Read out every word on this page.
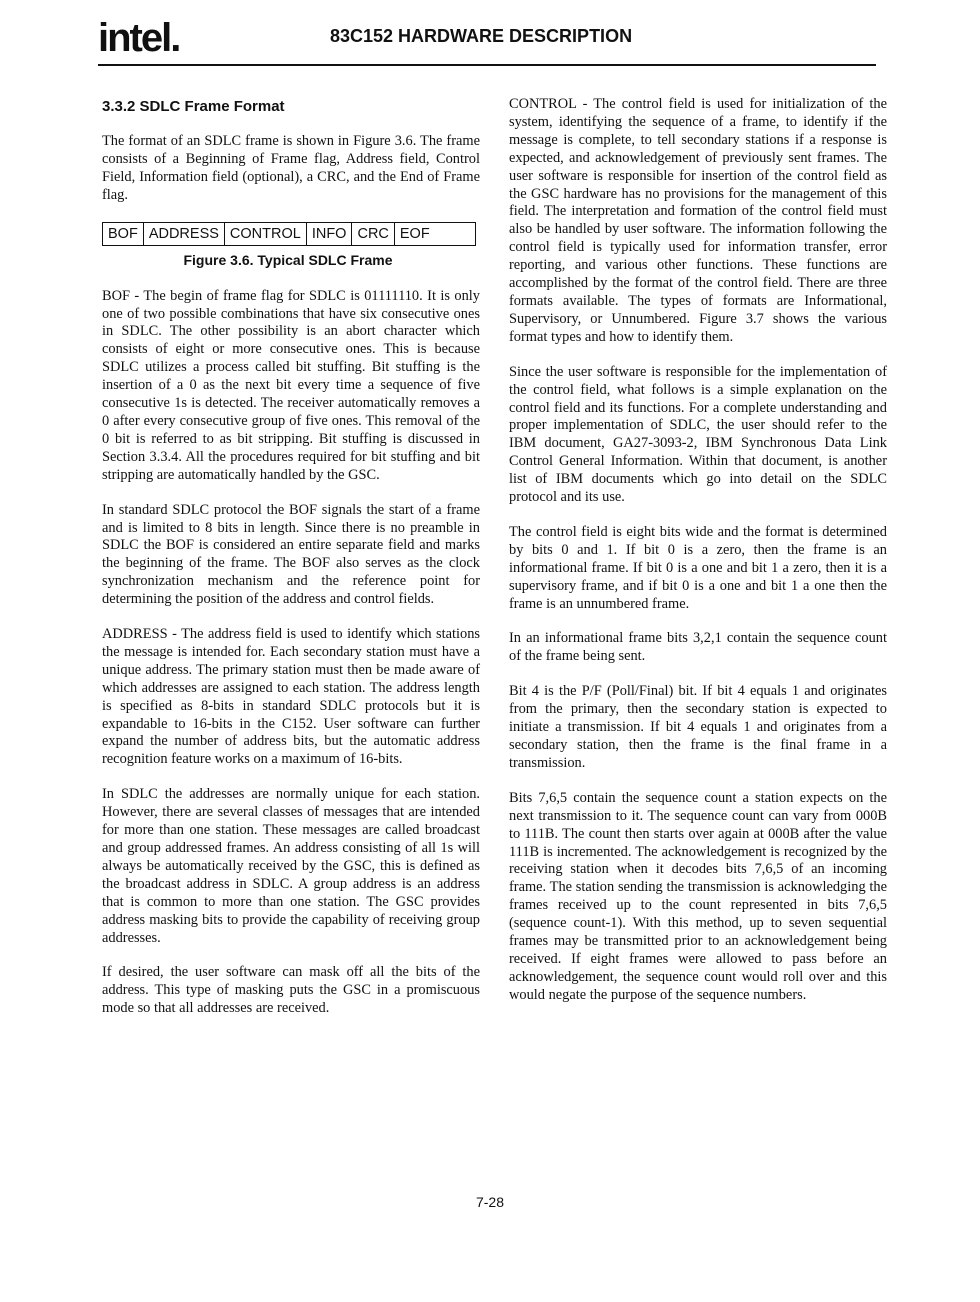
intel.	83C152 HARDWARE DESCRIPTION
3.3.2 SDLC Frame Format

The format of an SDLC frame is shown in Figure 3.6. The frame consists of a Beginning of Frame flag, Address field, Control Field, Information field (optional), a CRC, and the End of Frame flag.

BOF ADDRESS CONTROL INFO CRC EOF
Figure 3.6. Typical SDLC Frame

BOF - The begin of frame flag for SDLC is 01111110. It is only one of two possible combinations that have six consecutive ones in SDLC. The other possibility is an abort character which consists of eight or more consecutive ones. This is because SDLC utilizes a process called bit stuffing. Bit stuffing is the insertion of a 0 as the next bit every time a sequence of five consecutive 1s is detected. The receiver automatically removes a 0 after every consecutive group of five ones. This removal of the 0 bit is referred to as bit stripping. Bit stuffing is discussed in Section 3.3.4. All the procedures required for bit stuffing and bit stripping are automatically handled by the GSC.

In standard SDLC protocol the BOF signals the start of a frame and is limited to 8 bits in length. Since there is no preamble in SDLC the BOF is considered an entire separate field and marks the beginning of the frame. The BOF also serves as the clock synchronization mechanism and the reference point for determining the position of the address and control fields.

ADDRESS - The address field is used to identify which stations the message is intended for. Each secondary station must have a unique address. The primary station must then be made aware of which addresses are assigned to each station. The address length is specified as 8-bits in standard SDLC protocols but it is expandable to 16-bits in the C152. User software can further expand the number of address bits, but the automatic address recognition feature works on a maximum of 16-bits.

In SDLC the addresses are normally unique for each station. However, there are several classes of messages that are intended for more than one station. These messages are called broadcast and group addressed frames. An address consisting of all 1s will always be automatically received by the GSC, this is defined as the broadcast address in SDLC. A group address is an address that is common to more than one station. The GSC provides address masking bits to provide the capability of receiving group addresses.

If desired, the user software can mask off all the bits of the address. This type of masking puts the GSC in a promiscuous mode so that all addresses are received.

CONTROL - The control field is used for initialization of the system, identifying the sequence of a frame, to identify if the message is complete, to tell secondary stations if a response is expected, and acknowledgement of previously sent frames. The user software is responsible for insertion of the control field as the GSC hardware has no provisions for the management of this field. The interpretation and formation of the control field must also be handled by user software. The information following the control field is typically used for information transfer, error reporting, and various other functions. These functions are accomplished by the format of the control field. There are three formats available. The types of formats are Informational, Supervisory, or Unnumbered. Figure 3.7 shows the various format types and how to identify them.

Since the user software is responsible for the implementation of the control field, what follows is a simple explanation on the control field and its functions. For a complete understanding and proper implementation of SDLC, the user should refer to the IBM document, GA27-3093-2, IBM Synchronous Data Link Control General Information. Within that document, is another list of IBM documents which go into detail on the SDLC protocol and its use.

The control field is eight bits wide and the format is determined by bits 0 and 1. If bit 0 is a zero, then the frame is an informational frame. If bit 0 is a one and bit 1 a zero, then it is a supervisory frame, and if bit 0 is a one and bit 1 a one then the frame is an unnumbered frame.

In an informational frame bits 3,2,1 contain the sequence count of the frame being sent.

Bit 4 is the P/F (Poll/Final) bit. If bit 4 equals 1 and originates from the primary, then the secondary station is expected to initiate a transmission. If bit 4 equals 1 and originates from a secondary station, then the frame is the final frame in a transmission.

Bits 7,6,5 contain the sequence count a station expects on the next transmission to it. The sequence count can vary from 000B to 111B. The count then starts over again at 000B after the value 111B is incremented. The acknowledgement is recognized by the receiving station when it decodes bits 7,6,5 of an incoming frame. The station sending the transmission is acknowledging the frames received up to the count represented in bits 7,6,5 (sequence count-1). With this method, up to seven sequential frames may be transmitted prior to an acknowledgement being received. If eight frames were allowed to pass before an acknowledgement, the sequence count would roll over and this would negate the purpose of the sequence numbers.

7-28
